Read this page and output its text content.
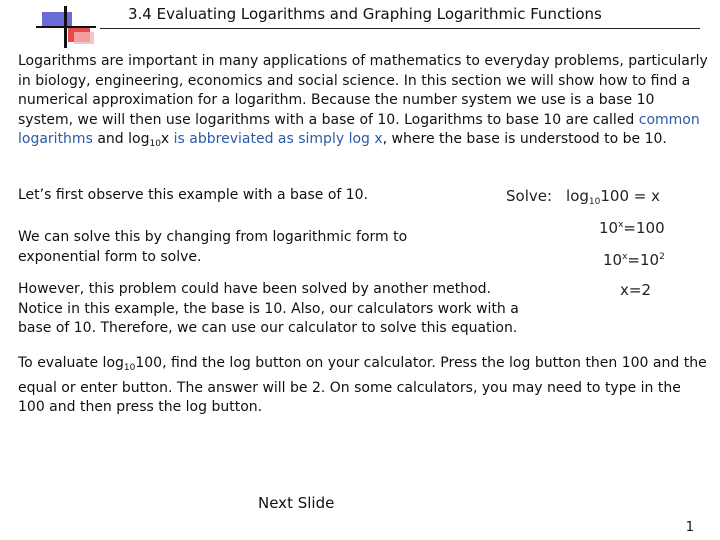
3.4 Evaluating Logarithms and Graphing Logarithmic Functions

Logarithms are important in many applications of mathematics to everyday problems, particularly in biology, engineering, economics and social science. In this section we will show how to find a numerical approximation for a logarithm. Because the number system we use is a base 10 system, we will then use logarithms with a base of 10. Logarithms to base 10 are called common logarithms and $\log_{10}x$ is abbreviated as simply log x, where the base is understood to be 10.

Let’s first observe this example with a base of 10.

We can solve this by changing from logarithmic form to exponential form to solve.

However, this problem could have been solved by another method. Notice in this example, the base is 10. Also, our calculators work with a base of 10. Therefore, we can use our calculator to solve this equation.

Solve: $\log_{10}100 = x$
$10^x=100$
$10^x=10^2$
x=2

To evaluate $\log_{10}100$, find the log button on your calculator. Press the log button then 100 and the equal or enter button. The answer will be 2. On some calculators, you may need to type in the 100 and then press the log button.

Next Slide
1
